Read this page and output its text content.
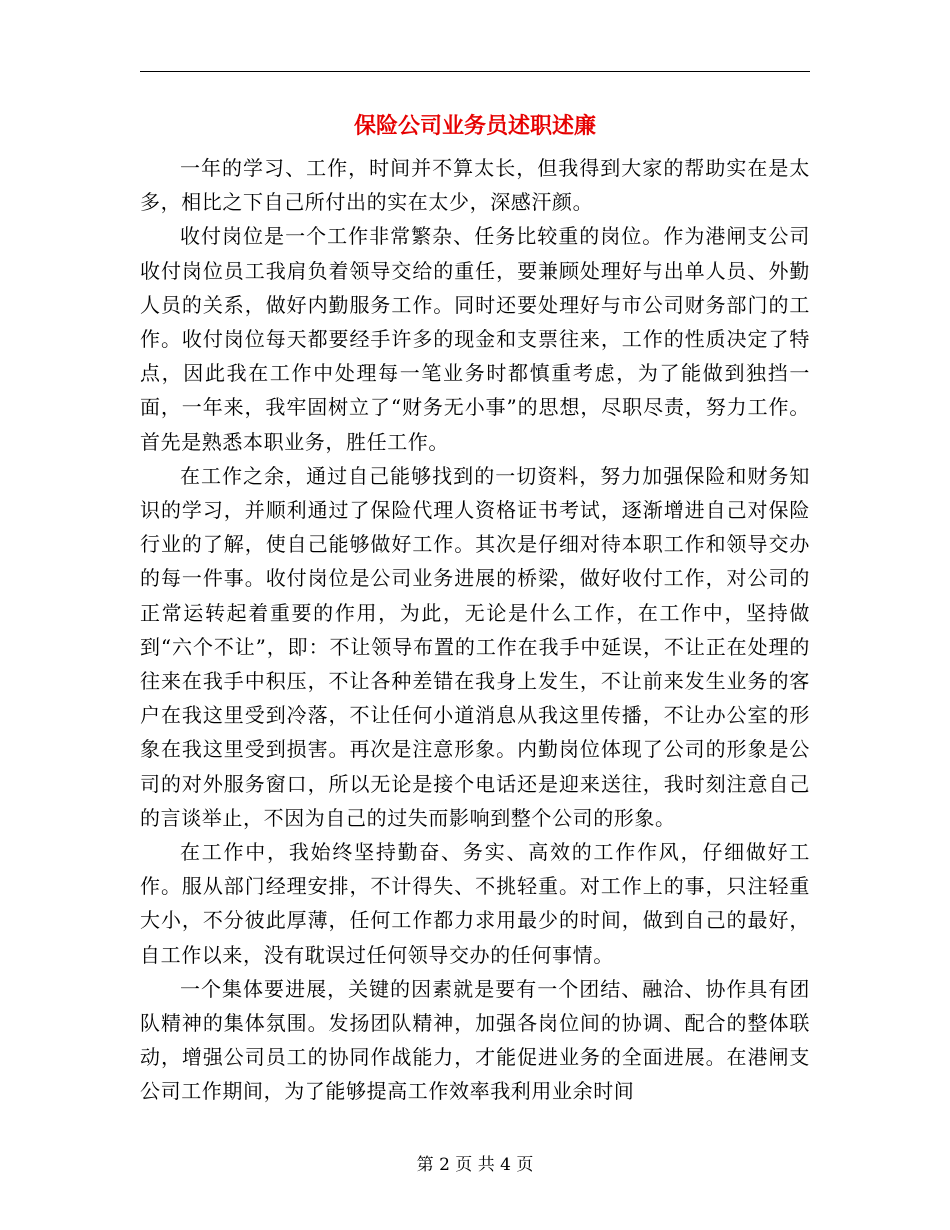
保险公司业务员述职述廉

一年的学习、工作，时间并不算太长，但我得到大家的帮助实在是太多，相比之下自己所付出的实在太少，深感汗颜。

收付岗位是一个工作非常繁杂、任务比较重的岗位。作为港闸支公司收付岗位员工我肩负着领导交给的重任，要兼顾处理好与出单人员、外勤人员的关系，做好内勤服务工作。同时还要处理好与市公司财务部门的工作。收付岗位每天都要经手许多的现金和支票往来，工作的性质决定了特点，因此我在工作中处理每一笔业务时都慎重考虑，为了能做到独挡一面，一年来，我牢固树立了“财务无小事”的思想，尽职尽责，努力工作。首先是熟悉本职业务，胜任工作。

在工作之余，通过自己能够找到的一切资料，努力加强保险和财务知识的学习，并顺利通过了保险代理人资格证书考试，逐渐增进自己对保险行业的了解，使自己能够做好工作。其次是仔细对待本职工作和领导交办的每一件事。收付岗位是公司业务进展的桥梁，做好收付工作，对公司的正常运转起着重要的作用，为此，无论是什么工作，在工作中，坚持做到“六个不让”，即：不让领导布置的工作在我手中延误，不让正在处理的往来在我手中积压，不让各种差错在我身上发生，不让前来发生业务的客户在我这里受到冷落，不让任何小道消息从我这里传播，不让办公室的形象在我这里受到损害。再次是注意形象。内勤岗位体现了公司的形象是公司的对外服务窗口，所以无论是接个电话还是迎来送往，我时刻注意自己的言谈举止，不因为自己的过失而影响到整个公司的形象。

在工作中，我始终坚持勤奋、务实、高效的工作作风，仔细做好工作。服从部门经理安排，不计得失、不挑轻重。对工作上的事，只注轻重大小，不分彼此厚薄，任何工作都力求用最少的时间，做到自己的最好，自工作以来，没有耽误过任何领导交办的任何事情。

一个集体要进展，关键的因素就是要有一个团结、融洽、协作具有团队精神的集体氛围。发扬团队精神，加强各岗位间的协调、配合的整体联动，增强公司员工的协同作战能力，才能促进业务的全面进展。在港闸支公司工作期间，为了能够提高工作效率我利用业余时间

第 2 页 共 4 页
